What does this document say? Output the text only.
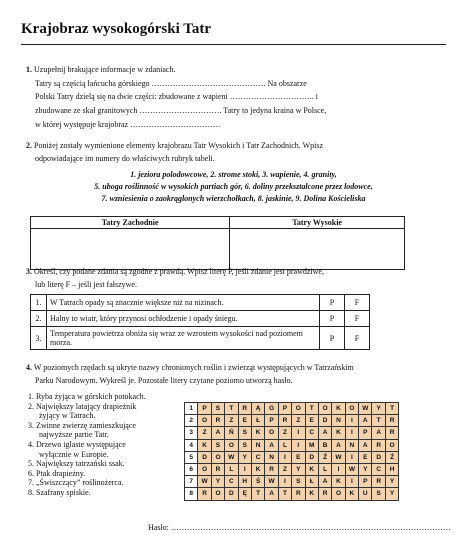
Krajobraz wysokogórski Tatr
1. Uzupełnij brakujące informacje w zdaniach.
Tatry są częścią łańcucha górskiego ……………………………………. Na obszarze
Polski Tatry dzielą się na dwie części: zbudowane z wapieni ………………………….. i
zbudowane ze skał granitowych …………………………. Tatry to jedyna kraina w Polsce,
w której występuje krajobraz …………………………….
2. Poniżej zostały wymienione elementy krajobrazu Tatr Wysokich i Tatr Zachodnich. Wpisz
odpowiadające im numery do właściwych rubryk tabeli.
1. jeziora polodowcowe, 2. strome stoki, 3. wapienie, 4. granity,
5. uboga roślinność w wysokich partiach gór, 6. doliny przekształcone przez lodowce,
7. wzniesienia o zaokrąglonych wierzchołkach, 8. jaskinie, 9. Dolina Kościeliska
Tatry Zachodnie	Tatry Wysokie

3. Określ, czy podane zdania są zgodne z prawdą. Wpisz literę P, jeśli zdanie jest prawdziwe,
lub literę F – jeśli jest fałszywe.
1.	W Tatrach opady są znacznie większe niż na nizinach.	P	F
2.	Halny to wiatr, który przynosi ochłodzenie i opady śniegu.	P	F
3.	Temperatura powietrza obniża się wraz ze wzrostem wysokości nad poziomem morza.	P	F
4. W poziomych rzędach są ukryte nazwy chronionych roślin i zwierząt występujących w Tatrzańskim
Parku Narodowym. Wykreśl je. Pozostałe litery czytane poziomo utworzą hasło.
1. Ryba żyjąca w górskich potokach.
2. Największy latający drapieżnik
żyjący w Tatrach.
3. Zwinne zwierzę zamieszkujące
najwyższe partie Tatr.
4. Drzewo iglaste występujące
wyłącznie w Europie.
5. Największy tatrzański ssak.
6. Ptak drapieżny.
7. „Świszczący” roślinożerca.
8. Szafrany spiskie.
1	P	S	T	R	Ą	G	P	O	T	O	K	O	W	Y	T
2	O	R	Z	E	Ł	P	R	Z	E	D	N	I	A	T	R
3	Z	A	Ń	S	K	O	Z	I	C	A	K	I	P	A	R
4	K	S	O	S	N	A	L	I	M	B	A	N	A	R	O
5	D	O	W	Y	C	N	I	E	D	Ź	W	I	E	D	Ź
6	O	R	L	I	K	R	Z	Y	K	L	I	W	Y	C	H
7	W	Y	C	H	Ś	W	I	S	Ł	A	K	I	P	R	Y
8	R	O	D	Ę	T	A	T	R	K	R	O	K	U	S	Y
Hasło: ……………………………………………………………………………………………
